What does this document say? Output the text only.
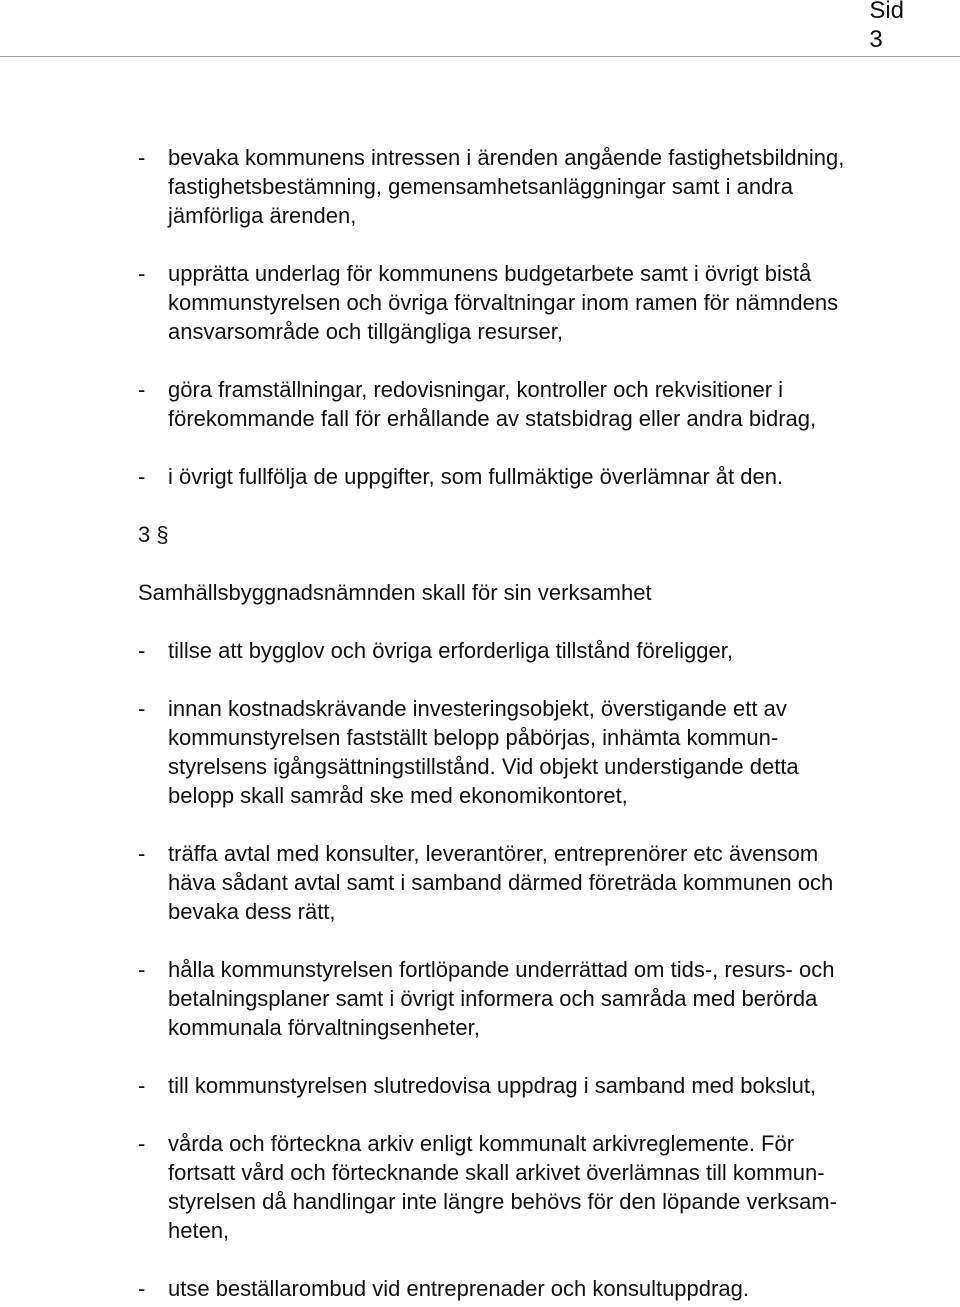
Sid
3
- bevaka kommunens intressen i ärenden angående fastighetsbildning,
fastighetsbestämning, gemensamhetsanläggningar samt i andra
jämförliga ärenden,
- upprätta underlag för kommunens budgetarbete samt i övrigt bistå
kommunstyrelsen och övriga förvaltningar inom ramen för nämndens
ansvarsområde och tillgängliga resurser,
- göra framställningar, redovisningar, kontroller och rekvisitioner i
förekommande fall för erhållande av statsbidrag eller andra bidrag,
- i övrigt fullfölja de uppgifter, som fullmäktige överlämnar åt den.

3 §

Samhällsbyggnadsnämnden skall för sin verksamhet

- tillse att bygglov och övriga erforderliga tillstånd föreligger,
- innan kostnadskrävande investeringsobjekt, överstigande ett av
kommunstyrelsen fastställt belopp påbörjas, inhämta kommun-
styrelsens igångsättningstillstånd. Vid objekt understigande detta
belopp skall samråd ske med ekonomikontoret,
- träffa avtal med konsulter, leverantörer, entreprenörer etc ävensom
häva sådant avtal samt i samband därmed företräda kommunen och
bevaka dess rätt,
- hålla kommunstyrelsen fortlöpande underrättad om tids-, resurs- och
betalningsplaner samt i övrigt informera och samråda med berörda
kommunala förvaltningsenheter,
- till kommunstyrelsen slutredovisa uppdrag i samband med bokslut,
- vårda och förteckna arkiv enligt kommunalt arkivreglemente. För
fortsatt vård och förtecknande skall arkivet överlämnas till kommun-
styrelsen då handlingar inte längre behövs för den löpande verksam-
heten,
- utse beställarombud vid entreprenader och konsultuppdrag.
